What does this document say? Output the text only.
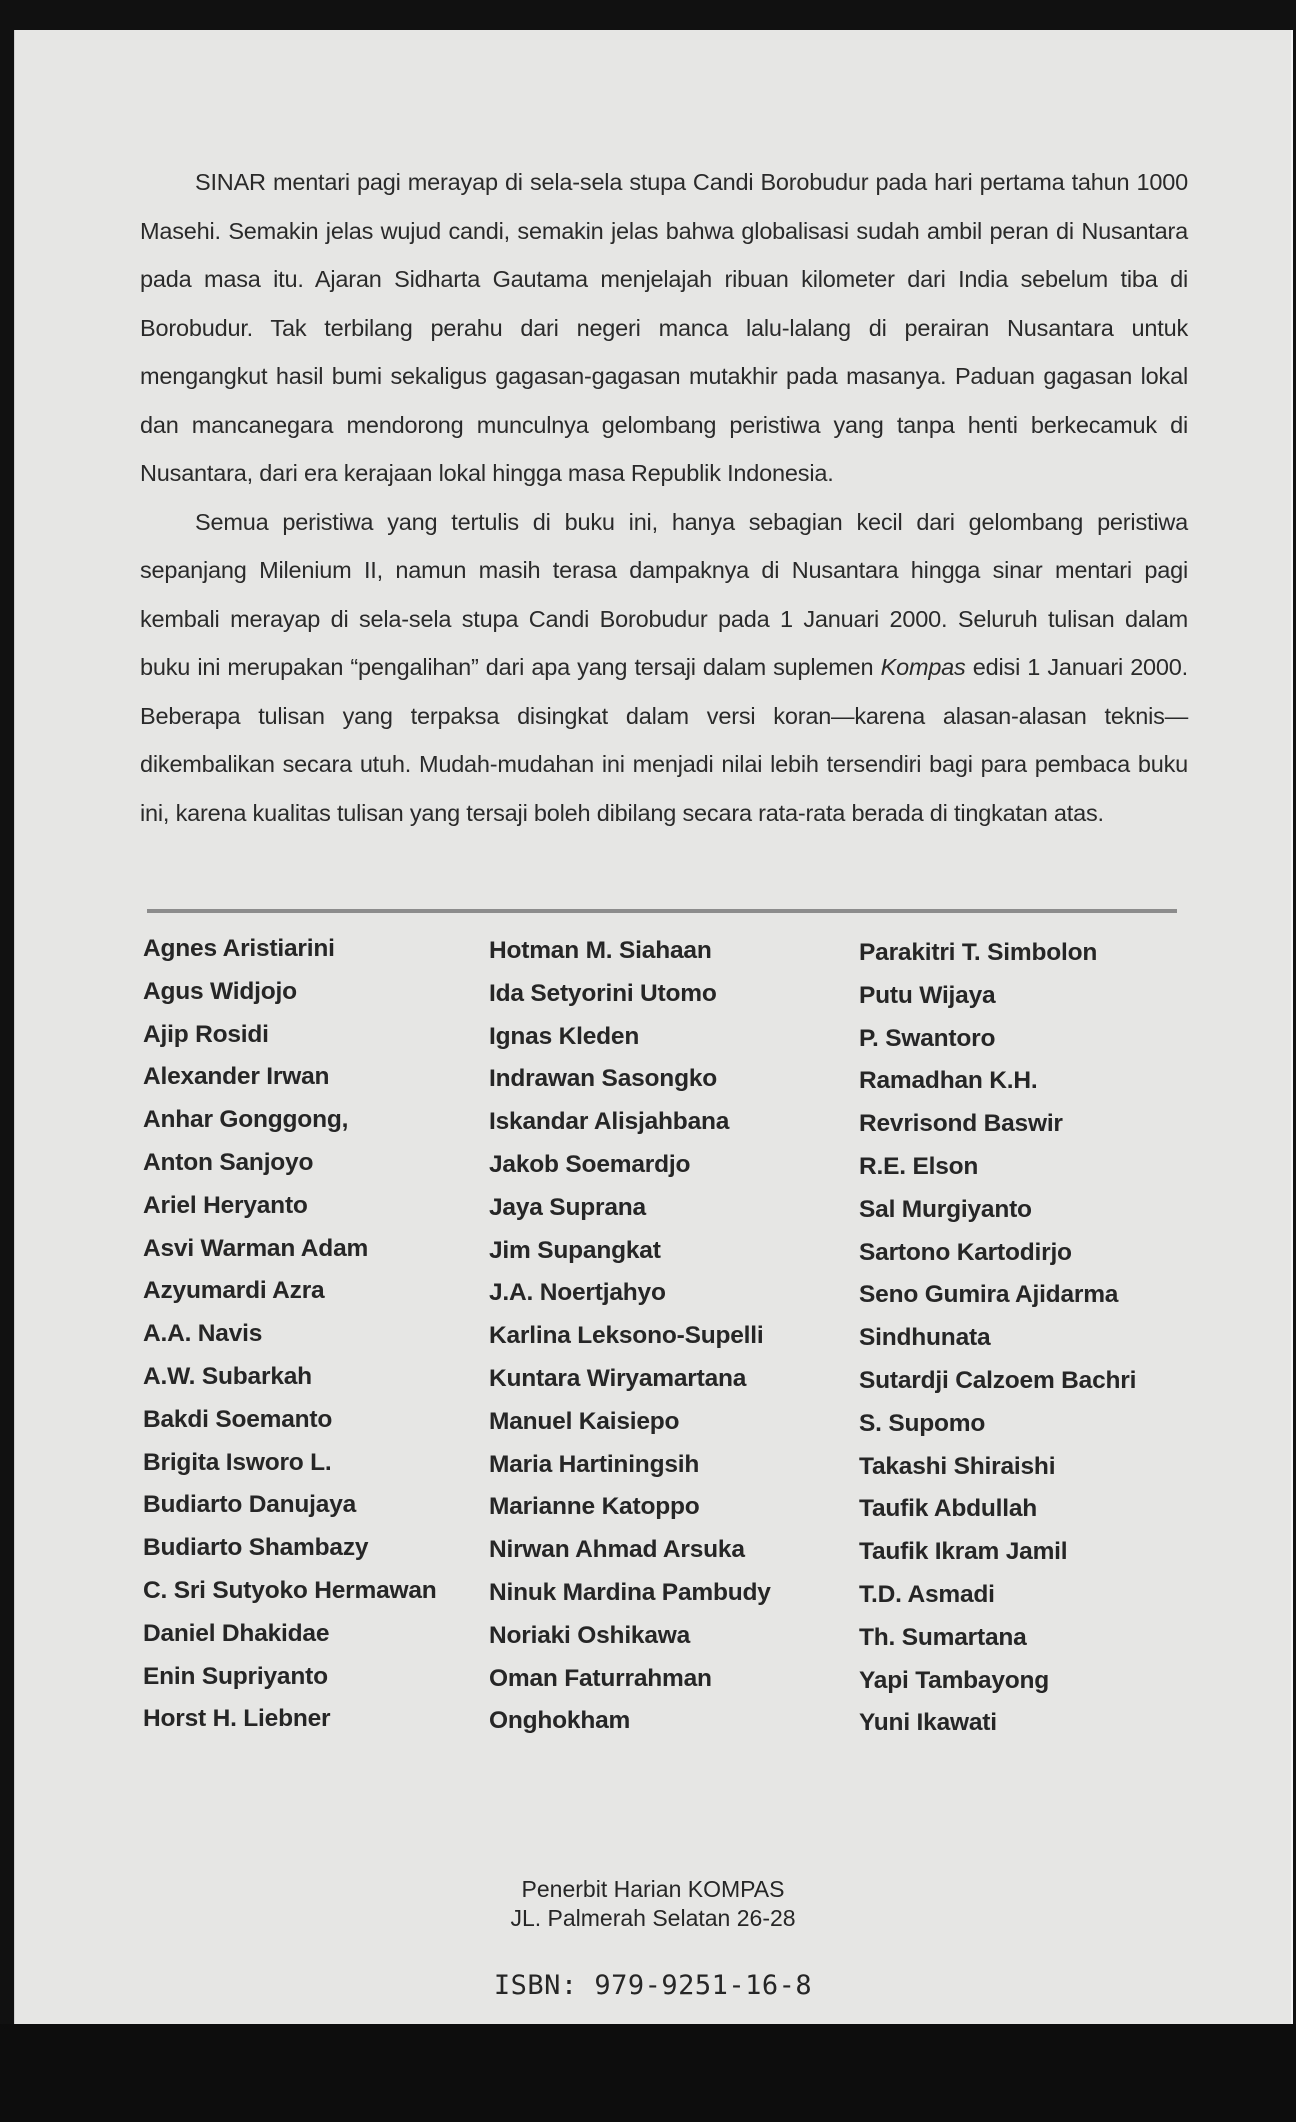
SINAR mentari pagi merayap di sela-sela stupa Candi Borobudur pada hari pertama tahun 1000 Masehi. Semakin jelas wujud candi, semakin jelas bahwa globalisasi sudah ambil peran di Nusantara pada masa itu. Ajaran Sidharta Gautama menjelajah ribuan kilometer dari India sebelum tiba di Borobudur. Tak terbilang perahu dari negeri manca lalu-lalang di perairan Nusantara untuk mengangkut hasil bumi sekaligus gagasan-gagasan mutakhir pada masanya. Paduan gagasan lokal dan mancanegara mendorong munculnya gelombang peristiwa yang tanpa henti berkecamuk di Nusantara, dari era kerajaan lokal hingga masa Republik Indonesia.

Semua peristiwa yang tertulis di buku ini, hanya sebagian kecil dari gelombang peristiwa sepanjang Milenium II, namun masih terasa dampaknya di Nusantara hingga sinar mentari pagi kembali merayap di sela-sela stupa Candi Borobudur pada 1 Januari 2000. Seluruh tulisan dalam buku ini merupakan “pengalihan” dari apa yang tersaji dalam suplemen Kompas edisi 1 Januari 2000. Beberapa tulisan yang terpaksa disingkat dalam versi koran—karena alasan-alasan teknis—dikembalikan secara utuh. Mudah-mudahan ini menjadi nilai lebih tersendiri bagi para pembaca buku ini, karena kualitas tulisan yang tersaji boleh dibilang secara rata-rata berada di tingkatan atas.

Agnes Aristiarini
Agus Widjojo
Ajip Rosidi
Alexander Irwan
Anhar Gonggong,
Anton Sanjoyo
Ariel Heryanto
Asvi Warman Adam
Azyumardi Azra
A.A. Navis
A.W. Subarkah
Bakdi Soemanto
Brigita Isworo L.
Budiarto Danujaya
Budiarto Shambazy
C. Sri Sutyoko Hermawan
Daniel Dhakidae
Enin Supriyanto
Horst H. Liebner
Hotman M. Siahaan
Ida Setyorini Utomo
Ignas Kleden
Indrawan Sasongko
Iskandar Alisjahbana
Jakob Soemardjo
Jaya Suprana
Jim Supangkat
J.A. Noertjahyo
Karlina Leksono-Supelli
Kuntara Wiryamartana
Manuel Kaisiepo
Maria Hartiningsih
Marianne Katoppo
Nirwan Ahmad Arsuka
Ninuk Mardina Pambudy
Noriaki Oshikawa
Oman Faturrahman
Onghokham
Parakitri T. Simbolon
Putu Wijaya
P. Swantoro
Ramadhan K.H.
Revrisond Baswir
R.E. Elson
Sal Murgiyanto
Sartono Kartodirjo
Seno Gumira Ajidarma
Sindhunata
Sutardji Calzoem Bachri
S. Supomo
Takashi Shiraishi
Taufik Abdullah
Taufik Ikram Jamil
T.D. Asmadi
Th. Sumartana
Yapi Tambayong
Yuni Ikawati
Penerbit Harian KOMPAS
JL. Palmerah Selatan 26-28
ISBN: 979-9251-16-8
